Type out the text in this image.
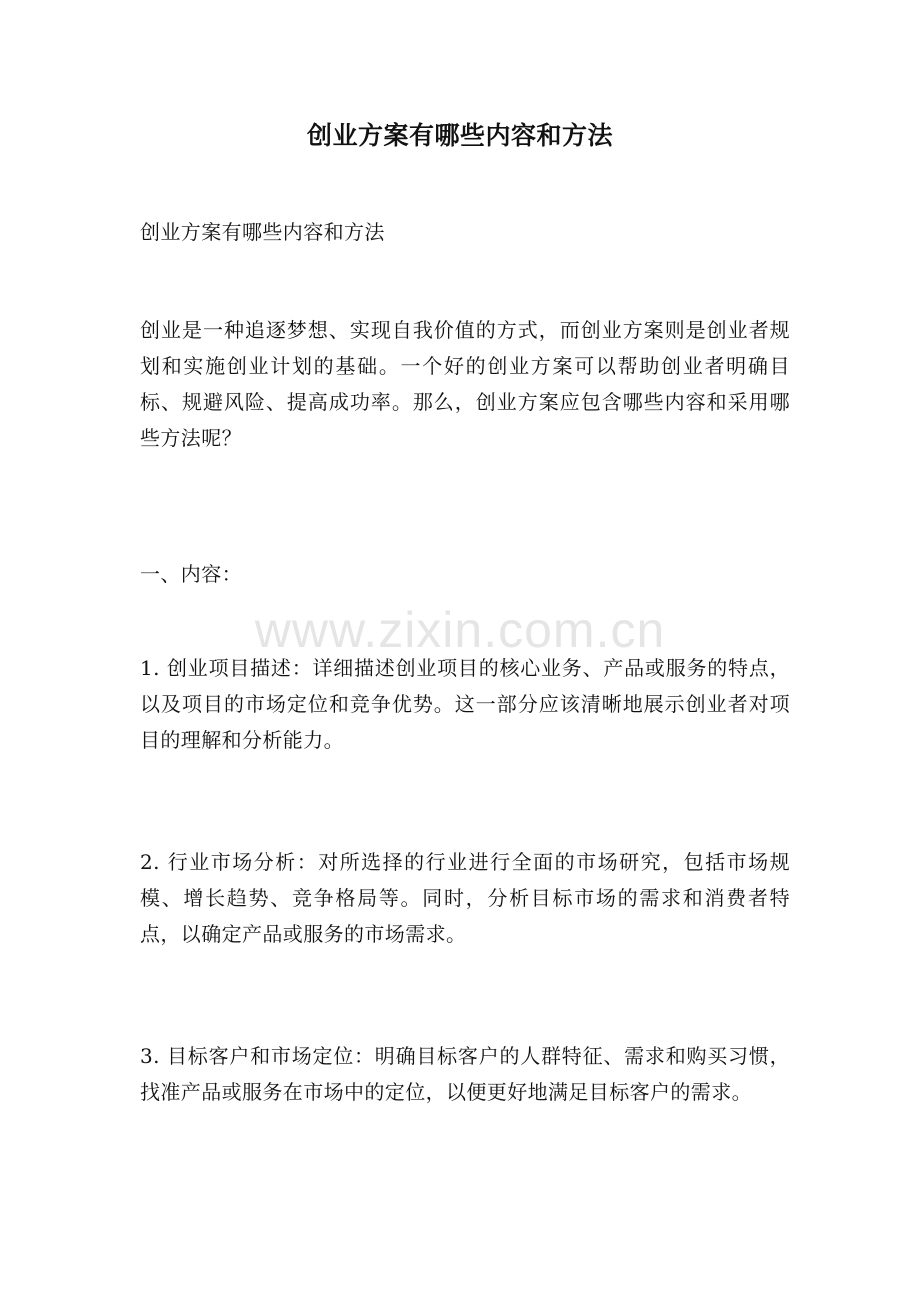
创业方案有哪些内容和方法
创业方案有哪些内容和方法
创业是一种追逐梦想、实现自我价值的方式，而创业方案则是创业者规划和实施创业计划的基础。一个好的创业方案可以帮助创业者明确目标、规避风险、提高成功率。那么，创业方案应包含哪些内容和采用哪些方法呢？
一、内容：
1. 创业项目描述：详细描述创业项目的核心业务、产品或服务的特点，以及项目的市场定位和竞争优势。这一部分应该清晰地展示创业者对项目的理解和分析能力。
2. 行业市场分析：对所选择的行业进行全面的市场研究，包括市场规模、增长趋势、竞争格局等。同时，分析目标市场的需求和消费者特点，以确定产品或服务的市场需求。
3. 目标客户和市场定位：明确目标客户的人群特征、需求和购买习惯，找准产品或服务在市场中的定位，以便更好地满足目标客户的需求。
www.zixin.com.cn
